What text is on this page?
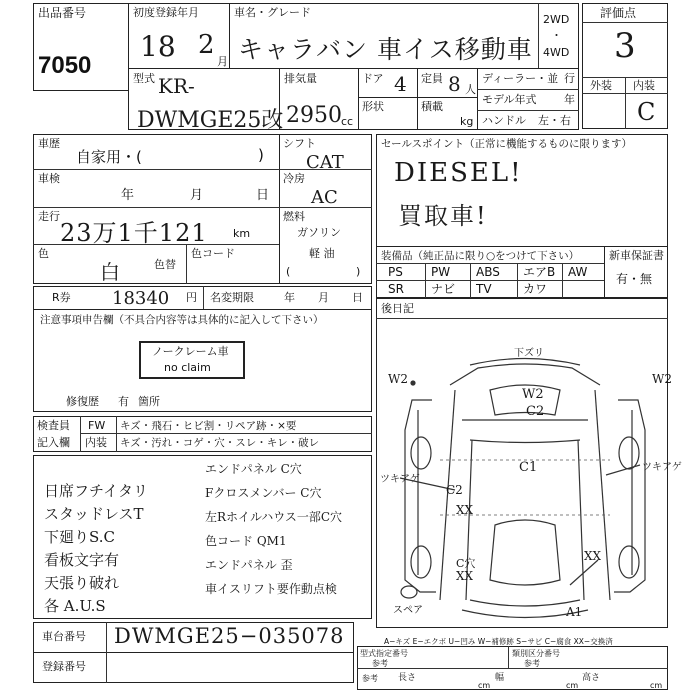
出品番号
7050
初度登録年月
18 2
月
車名・グレード
キャラバン 車イス移動車
2WD
・
4WD
評価点
3
外装 内装
C
型式 KR-
DWMGE25改
排気量
2950 cc
ドア 4 定員 8 人
形状	積載
kg
ディーラー・並 行
モデル年式	年
ハンドル 左・右
車歴
自家用・(	)
車検
年	月	日
走行
23万1千121 km
色
白	色替
色コード
シフト
CAT
冷房
AC
燃料
ガソリン
軽 油
(	)
セールスポイント（正常に機能するものに限ります）
DIESEL!
買取車!
装備品（純正品に限り○をつけて下さい）
PS PW ABS エアB AW
SR ナビ TV	カワ
新車保証書
有・無
R券 18340 円 名変期限	年 月 日
注意事項申告欄（不具合内容等は具体的に記入して下さい）
ノークレーム車
no claim
修復歴 有 箇所
検査員
記入欄
FW キズ・飛石・ヒビ割・リペア跡・×要
内装 キズ・汚れ・コゲ・穴・スレ・キレ・破レ
日席フチイタリ
スタッドレスT
下廻りS.C
看板文字有
天張り破れ
各 A.U.S
エンドパネル C穴
Fクロスメンバー C穴
左Rホイルハウス一部C穴
色コード QM1
エンドパネル 歪
車イスリフト要作動点検
後日記
下ズリ
W2	W2
W2
C2
C1
ツキアゲ
ツキアゲ
C2
XX
XX
C穴
XX
A1
スペア
A−キズ E−エクボ U−凹み W−補修跡 S−サビ C−腐食 XX−交換済
車台番号 DWMGE25−035078
登録番号
型式指定番号
参考
類別区分番号
参考
参考 長さ
cm
幅
cm
高さ
cm
